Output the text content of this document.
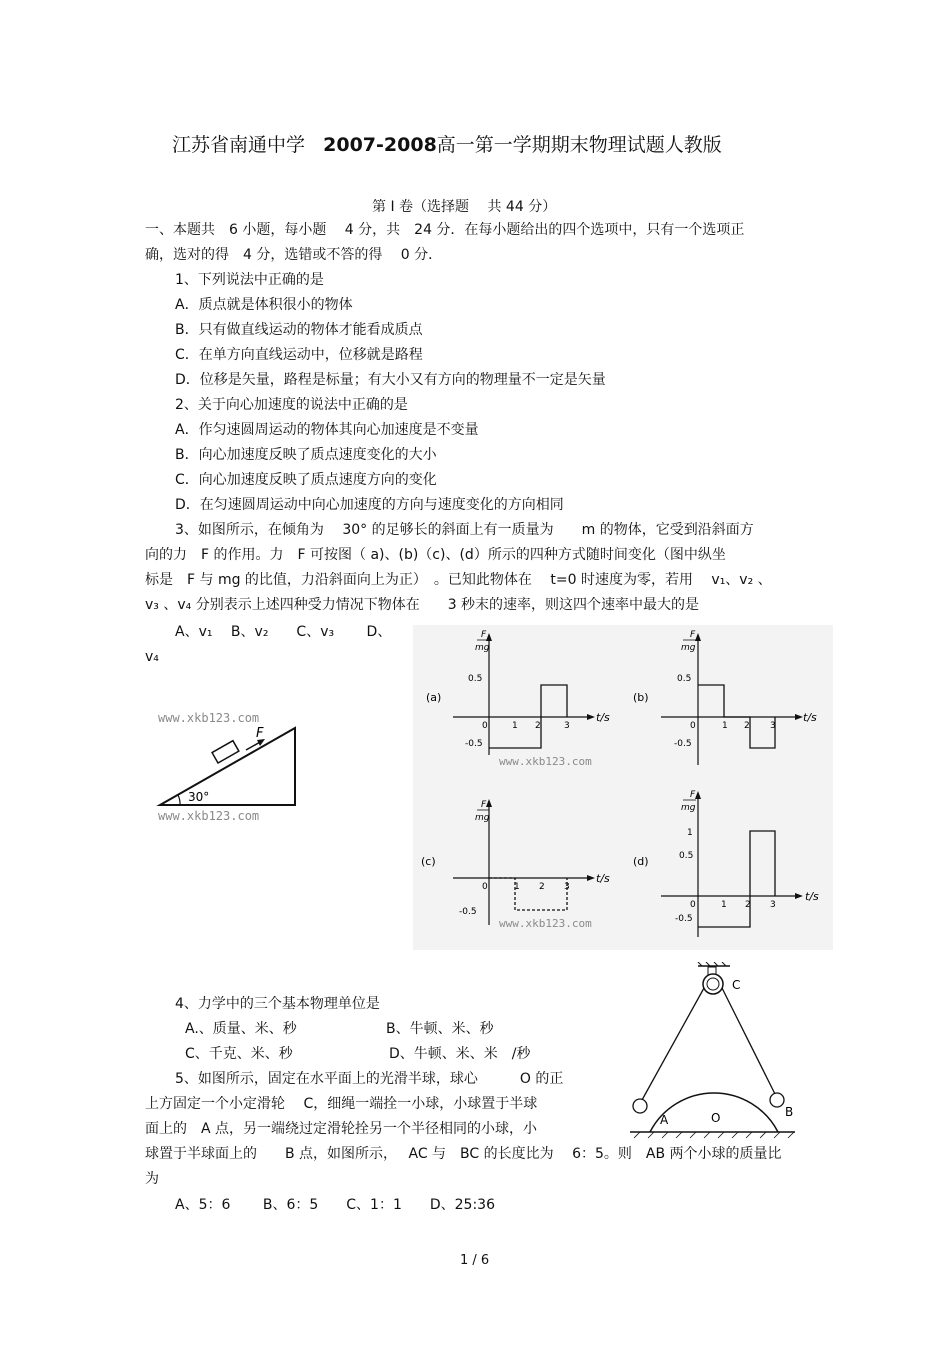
江苏省南通中学 2007-2008高一第一学期期末物理试题人教版
第 I 卷（选择题　 共 44 分）
一、本题共　6 小题，每小题　 4 分，共　24 分．在每小题给出的四个选项中，只有一个选项正
确，选对的得　4 分，选错或不答的得　 0 分．
1、下列说法中正确的是
A．质点就是体积很小的物体
B．只有做直线运动的物体才能看成质点
C．在单方向直线运动中，位移就是路程
D．位移是矢量，路程是标量；有大小又有方向的物理量不一定是矢量
2、关于向心加速度的说法中正确的是
A．作匀速圆周运动的物体其向心加速度是不变量
B．向心加速度反映了质点速度变化的大小
C．向心加速度反映了质点速度方向的变化
D．在匀速圆周运动中向心加速度的方向与速度变化的方向相同
3、如图所示，在倾角为　 30° 的足够长的斜面上有一质量为　　m 的物体，它受到沿斜面方
向的力　F 的作用。力　F 可按图（ a)、(b)（c)、(d）所示的四种方式随时间变化（图中纵坐
标是　F 与 mg 的比值，力沿斜面向上为正）　。已知此物体在　 t=0 时速度为零，若用　 v₁、v₂ 、
v₃ 、v₄ 分别表示上述四种受力情况下物体在　　3 秒末的速率，则这四个速率中最大的是
A、v₁　 B、v₂　　C、v₃　　 D、
v₄
www.xkb123.com
F
30°
www.xkb123.com
(a)
F
mg
t/s
0
0.5
-0.5
1 2	3
www.xkb123.com
(b)
F
mg
t/s
0
0.5
-0.5
1 2 3
(c)
F
mg
t/s
0
-0.5
1 2 3
www.xkb123.com
(d)
F
mg
t/s
0
1
0.5
-0.5
1 2 3
4、力学中的三个基本物理单位是
A.、质量、米、秒	B、牛顿、米、秒
C、千克、米、秒	D、牛顿、米、米　/秒
5、如图所示，固定在水平面上的光滑半球，球心　　　O 的正
上方固定一个小定滑轮　 C，细绳一端拴一小球，小球置于半球
面上的　A 点，另一端绕过定滑轮拴另一个半径相同的小球，小
球置于半球面上的　　B 点，如图所示，　 AC 与　BC 的长度比为　 6：5。则　AB 两个小球的质量比
为
A、5：6　　 B、6：5　　C、1：1　　D、25:36
C
A	O	B
1 / 6
